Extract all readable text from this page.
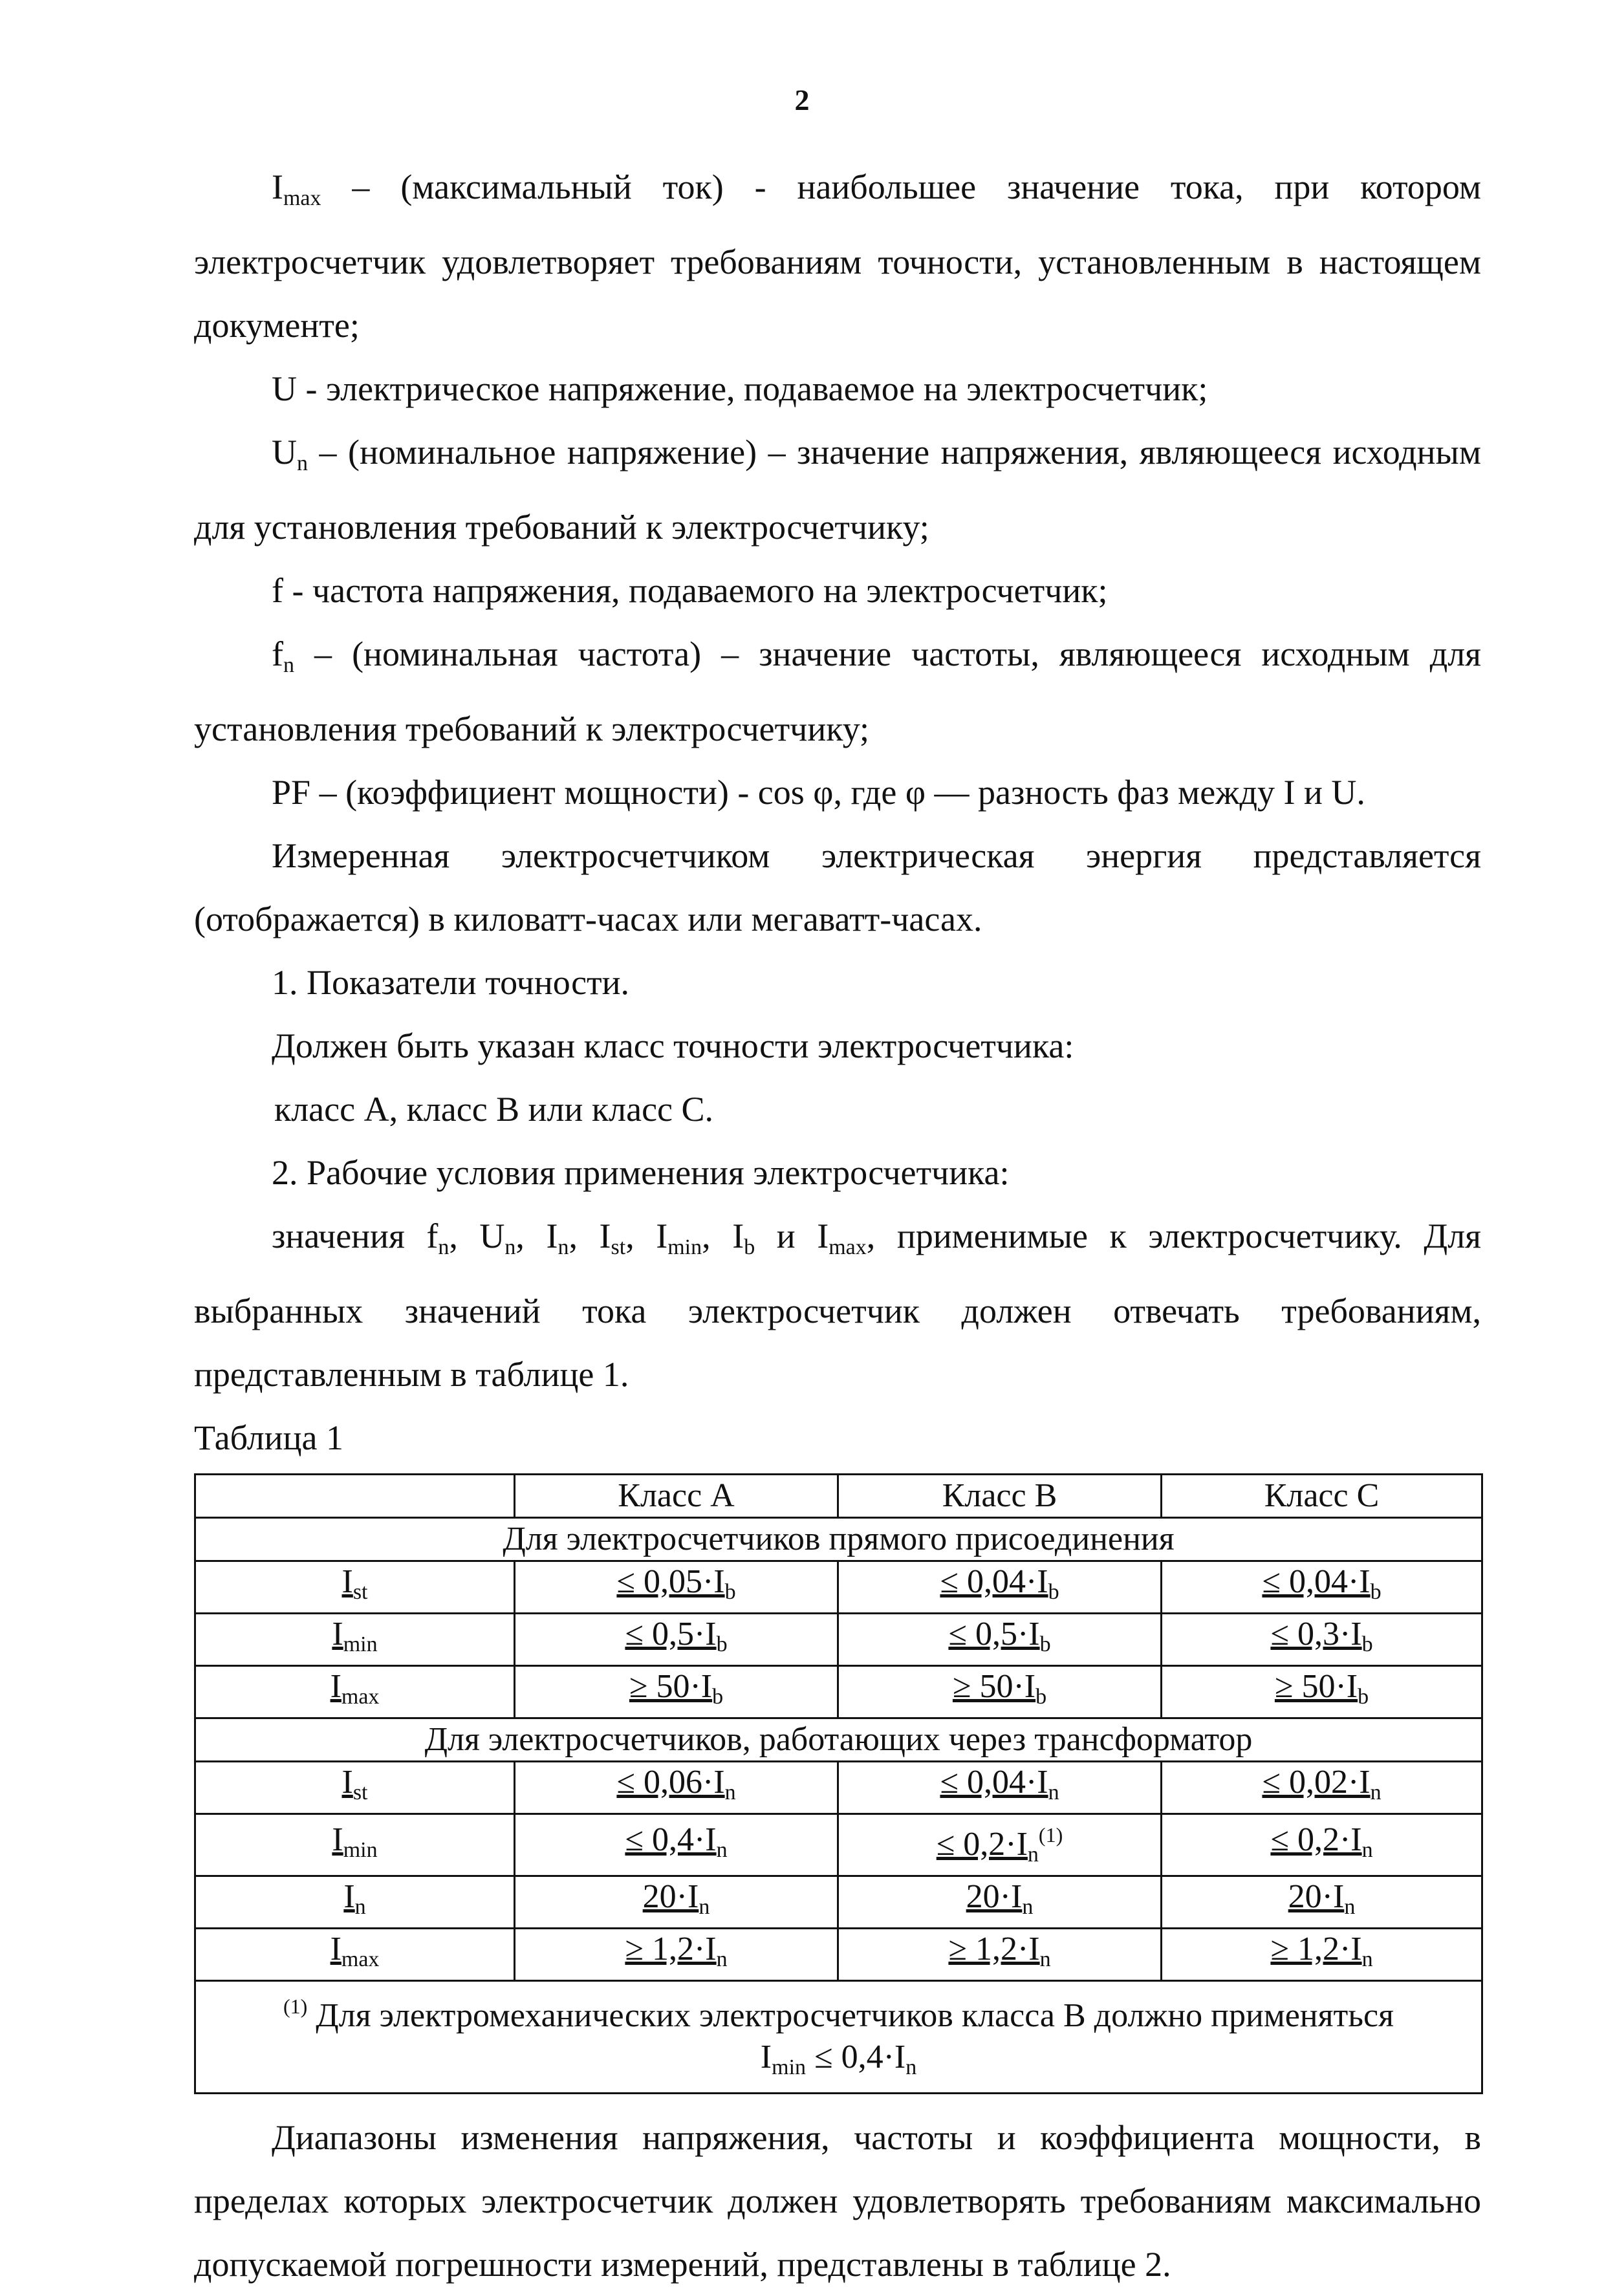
2

$I_{max}$ – (максимальный ток) - наибольшее значение тока, при котором электросчетчик удовлетворяет требованиям точности, установленным в настоящем документе;

U - электрическое напряжение, подаваемое на электросчетчик;

$U_n$ – (номинальное напряжение) – значение напряжения, являющееся исходным для установления требований к электросчетчику;

f - частота напряжения, подаваемого на электросчетчик;

$f_n$ – (номинальная частота) – значение частоты, являющееся исходным для установления требований к электросчетчику;

PF – (коэффициент мощности) - cos φ, где φ — разность фаз между I и U.

Измеренная электросчетчиком электрическая энергия представляется (отображается) в киловатт-часах или мегаватт-часах.

1. Показатели точности.

Должен быть указан класс точности электросчетчика:

класс A, класс B или класс C.

2. Рабочие условия применения электросчетчика:

значения $f_n$, $U_n$, $I_n$, $I_{st}$, $I_{min}$, $I_b$ и $I_{max}$, применимые к электросчетчику. Для выбранных значений тока электросчетчик должен отвечать требованиям, представленным в таблице 1.

Таблица 1

	Класс A	Класс B	Класс C
Для электросчетчиков прямого присоединения			
$I_{st}$	≤ $0,05\cdot I_b$	≤ $0,04\cdot I_b$	≤ $0,04\cdot I_b$
$I_{min}$	≤ $0,5\cdot I_b$	≤ $0,5\cdot I_b$	≤ $0,3\cdot I_b$
$I_{max}$	≥ $50\cdot I_b$	≥ $50\cdot I_b$	≥ $50\cdot I_b$
Для электросчетчиков, работающих через трансформатор			
$I_{st}$	≤ $0,06\cdot I_n$	≤ $0,04\cdot I_n$	≤ $0,02\cdot I_n$
$I_{min}$	≤ $0,4\cdot I_n$	≤ $0,2\cdot I_n^{(1)}$	≤ $0,2\cdot I_n$
$I_n$	$20\cdot I_n$	$20\cdot I_n$	$20\cdot I_n$
$I_{max}$	≥ $1,2\cdot I_n$	≥ $1,2\cdot I_n$	≥ $1,2\cdot I_n$
$^{(1)}$ Для электромеханических электросчетчиков класса B должно применяться
$I_{min} \le 0,4\cdot I_n$

Диапазоны изменения напряжения, частоты и коэффициента мощности, в пределах которых электросчетчик должен удовлетворять требованиям максимально допускаемой погрешности измерений, представлены в таблице 2.
